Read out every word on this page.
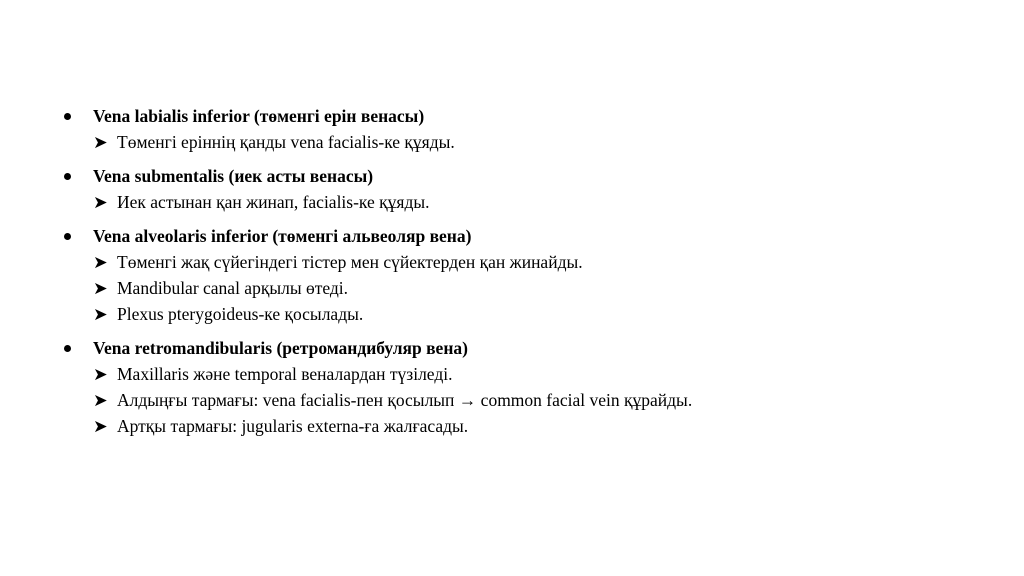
Vena labialis inferior (төменгі ерін венасы)
➤ Төменгі еріннің қанды vena facialis-ке құяды.
Vena submentalis (иек асты венасы)
➤ Иек астынан қан жинап, facialis-ке құяды.
Vena alveolaris inferior (төменгі альвеоляр вена)
➤ Төменгі жақ сүйегіндегі тістер мен сүйектерден қан жинайды.
➤ Mandibular canal арқылы өтеді.
➤ Plexus pterygoideus-ке қосылады.
Vena retromandibularis (ретромандибуляр вена)
➤ Maxillaris және temporal веналардан түзіледі.
➤ Алдыңғы тармағы: vena facialis-пен қосылып → common facial vein құрайды.
➤ Артқы тармағы: jugularis externa-ға жалғасады.
